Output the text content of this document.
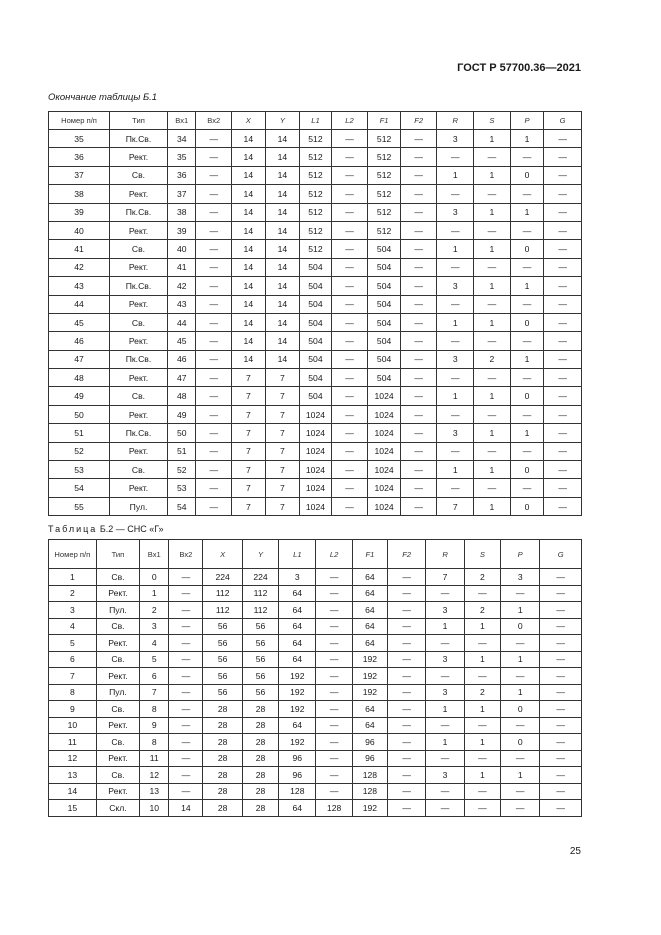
ГОСТ Р 57700.36—2021
Окончание таблицы Б.1
Номер п/п	Тип	Вх1	Вх2	X	Y	L1	L2	F1	F2	R	S	P	G
35	Пк.Св.	34	—	14	14	512	—	512	—	3	1	1	—
36	Рект.	35	—	14	14	512	—	512	—	—	—	—	—
37	Св.	36	—	14	14	512	—	512	—	1	1	0	—
38	Рект.	37	—	14	14	512	—	512	—	—	—	—	—
39	Пк.Св.	38	—	14	14	512	—	512	—	3	1	1	—
40	Рект.	39	—	14	14	512	—	512	—	—	—	—	—
41	Св.	40	—	14	14	512	—	504	—	1	1	0	—
42	Рект.	41	—	14	14	504	—	504	—	—	—	—	—
43	Пк.Св.	42	—	14	14	504	—	504	—	3	1	1	—
44	Рект.	43	—	14	14	504	—	504	—	—	—	—	—
45	Св.	44	—	14	14	504	—	504	—	1	1	0	—
46	Рект.	45	—	14	14	504	—	504	—	—	—	—	—
47	Пк.Св.	46	—	14	14	504	—	504	—	3	2	1	—
48	Рект.	47	—	7	7	504	—	504	—	—	—	—	—
49	Св.	48	—	7	7	504	—	1024	—	1	1	0	—
50	Рект.	49	—	7	7	1024	—	1024	—	—	—	—	—
51	Пк.Св.	50	—	7	7	1024	—	1024	—	3	1	1	—
52	Рект.	51	—	7	7	1024	—	1024	—	—	—	—	—
53	Св.	52	—	7	7	1024	—	1024	—	1	1	0	—
54	Рект.	53	—	7	7	1024	—	1024	—	—	—	—	—
55	Пул.	54	—	7	7	1024	—	1024	—	7	1	0	—
Таблица Б.2 — СНС «Г»
Номер п/п	Тип	Вх1	Вх2	X	Y	L1	L2	F1	F2	R	S	P	G
1	Св.	0	—	224	224	3	—	64	—	7	2	3	—
2	Рект.	1	—	112	112	64	—	64	—	—	—	—	—
3	Пул.	2	—	112	112	64	—	64	—	3	2	1	—
4	Св.	3	—	56	56	64	—	64	—	1	1	0	—
5	Рект.	4	—	56	56	64	—	64	—	—	—	—	—
6	Св.	5	—	56	56	64	—	192	—	3	1	1	—
7	Рект.	6	—	56	56	192	—	192	—	—	—	—	—
8	Пул.	7	—	56	56	192	—	192	—	3	2	1	—
9	Св.	8	—	28	28	192	—	64	—	1	1	0	—
10	Рект.	9	—	28	28	64	—	64	—	—	—	—	—
11	Св.	8	—	28	28	192	—	96	—	1	1	0	—
12	Рект.	11	—	28	28	96	—	96	—	—	—	—	—
13	Св.	12	—	28	28	96	—	128	—	3	1	1	—
14	Рект.	13	—	28	28	128	—	128	—	—	—	—	—
15	Скл.	10	14	28	28	64	128	192	—	—	—	—	—
25
